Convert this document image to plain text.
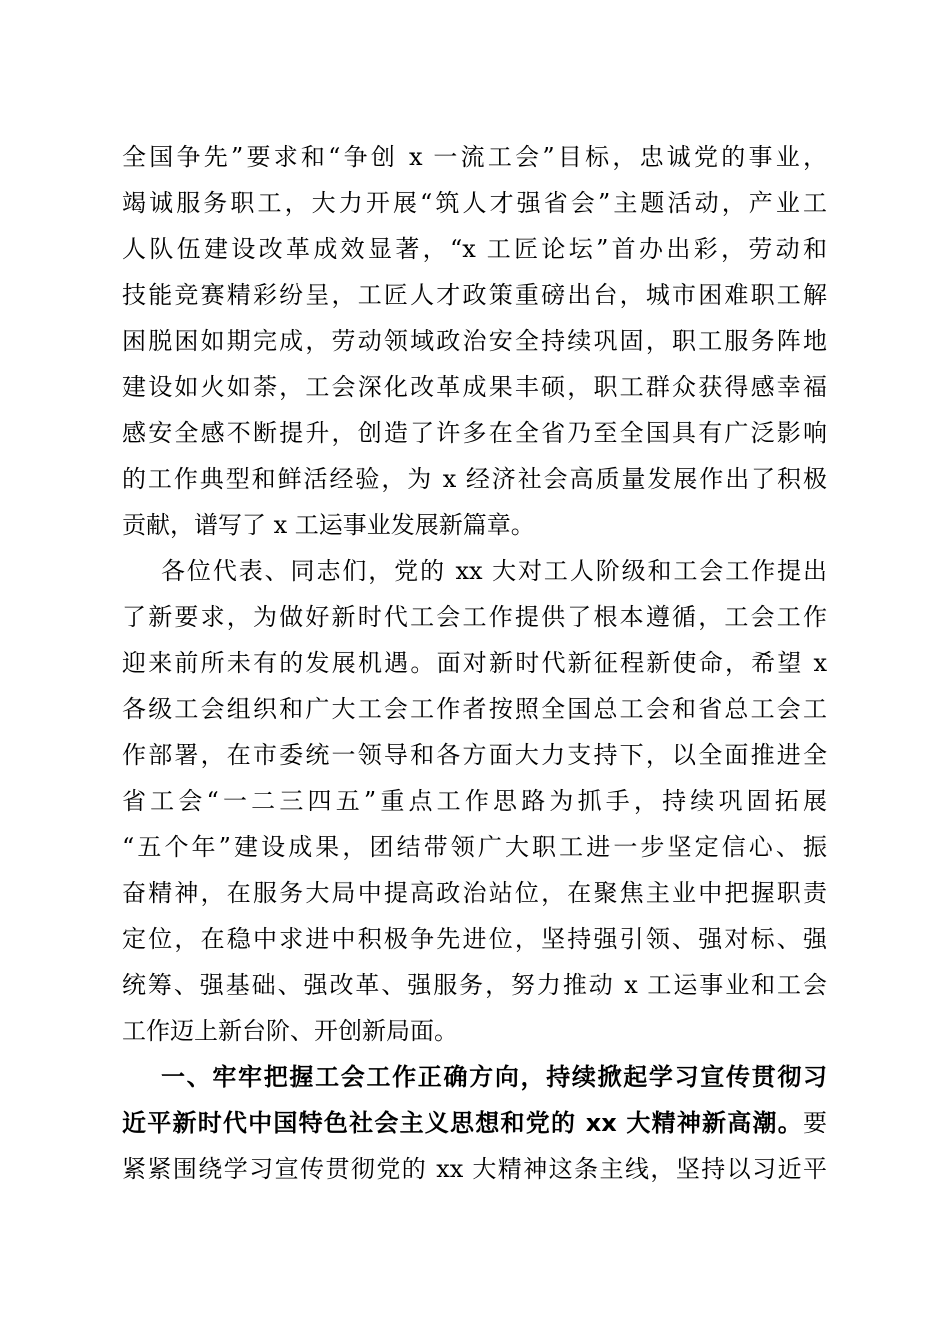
全国争先”要求和“争创 x 一流工会”目标，忠诚党的事业，
竭诚服务职工，大力开展“筑人才强省会”主题活动，产业工
人队伍建设改革成效显著，“x 工匠论坛”首办出彩，劳动和
技能竞赛精彩纷呈，工匠人才政策重磅出台，城市困难职工解
困脱困如期完成，劳动领域政治安全持续巩固，职工服务阵地
建设如火如荼，工会深化改革成果丰硕，职工群众获得感幸福
感安全感不断提升，创造了许多在全省乃至全国具有广泛影响
的工作典型和鲜活经验，为 x 经济社会高质量发展作出了积极
贡献，谱写了 x 工运事业发展新篇章。
各位代表、同志们，党的 xx 大对工人阶级和工会工作提出
了新要求，为做好新时代工会工作提供了根本遵循，工会工作
迎来前所未有的发展机遇。面对新时代新征程新使命，希望 x
各级工会组织和广大工会工作者按照全国总工会和省总工会工
作部署，在市委统一领导和各方面大力支持下，以全面推进全
省工会“一二三四五”重点工作思路为抓手，持续巩固拓展
“五个年”建设成果，团结带领广大职工进一步坚定信心、振
奋精神，在服务大局中提高政治站位，在聚焦主业中把握职责
定位，在稳中求进中积极争先进位，坚持强引领、强对标、强
统筹、强基础、强改革、强服务，努力推动 x 工运事业和工会
工作迈上新台阶、开创新局面。
一、牢牢把握工会工作正确方向，持续掀起学习宣传贯彻习
近平新时代中国特色社会主义思想和党的 xx 大精神新高潮。要
紧紧围绕学习宣传贯彻党的 xx 大精神这条主线，坚持以习近平
